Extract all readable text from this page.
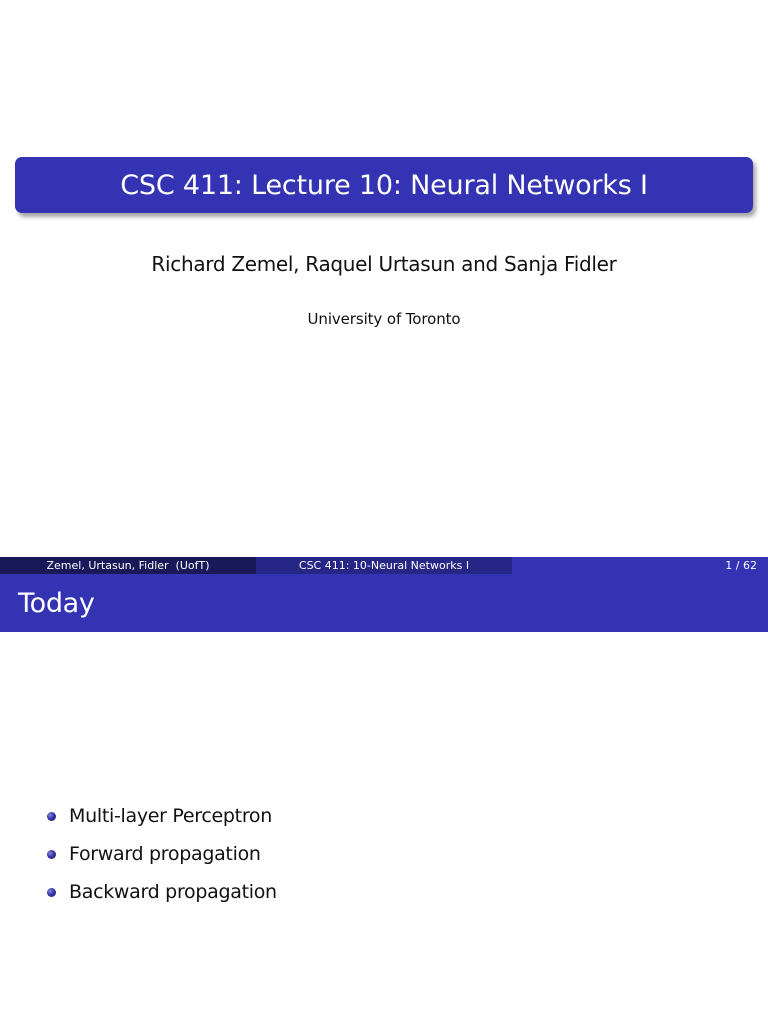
CSC 411: Lecture 10: Neural Networks I
Richard Zemel, Raquel Urtasun and Sanja Fidler
University of Toronto
Zemel, Urtasun, Fidler  (UofT)	CSC 411: 10-Neural Networks I	1 / 62
Today
Multi-layer Perceptron
Forward propagation
Backward propagation
